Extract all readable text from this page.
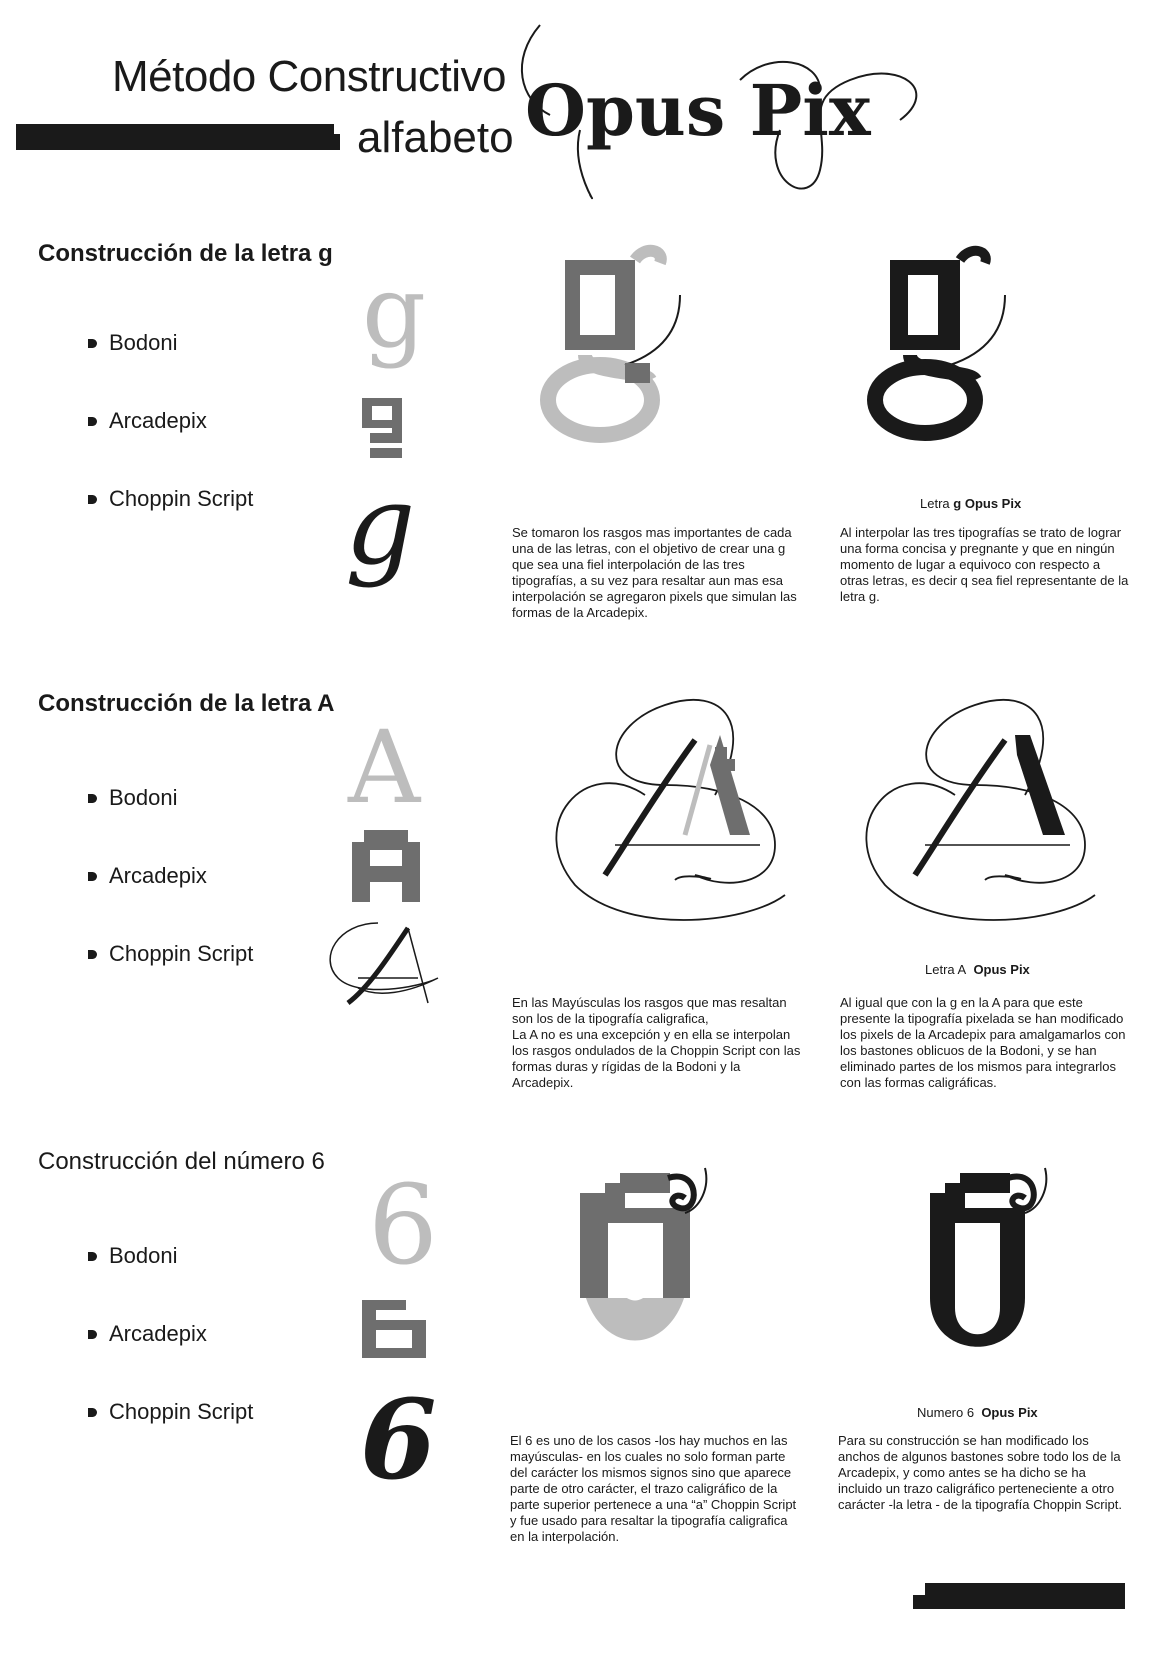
Método Constructivo
alfabeto Opus Pix
Construcción de la letra g
Bodoni
Arcadepix
Choppin Script
g
g	Letra g Opus Pix
Se tomaron los rasgos mas importantes de cada una de las letras, con el objetivo de crear una g que sea una fiel interpolación de las tres tipografías, a su vez para resaltar aun mas esa interpolación se agregaron pixels que simulan las formas de la Arcadepix.
Al interpolar las tres tipografías se trato de lograr una forma concisa y pregnante y que en ningún momento de lugar a equivoco con respecto a otras letras, es decir q sea fiel representante de la letra g.
Construcción de la letra A
Bodoni
Arcadepix
Choppin Script
A
Letra A Opus Pix
En las Mayúsculas los rasgos que mas resaltan son los de la tipografía caligrafica,
La A no es una excepción y en ella se interpolan los rasgos ondulados de la Choppin Script con las formas duras y rígidas de la Bodoni y la Arcadepix.
Al igual que con la g en la A para que este presente la tipografía pixelada se han modificado los pixels de la Arcadepix para amalgamarlos con los bastones oblicuos de la Bodoni, y se han eliminado partes de los mismos para integrarlos con las formas caligráficas.
Construcción del número 6
Bodoni
Arcadepix
Choppin Script
6
6	Numero 6 Opus Pix
El 6 es uno de los casos -los hay muchos en las mayúsculas- en los cuales no solo forman parte del carácter los mismos signos sino que aparece parte de otro carácter, el trazo caligráfico de la parte superior pertenece a una “a” Choppin Script y fue usado para resaltar la tipografía caligrafica en la interpolación.
Para su construcción se han modificado los anchos de algunos bastones sobre todo los de la Arcadepix, y como antes se ha dicho se ha incluido un trazo caligráfico perteneciente a otro carácter -la letra - de la tipografía Choppin Script.
